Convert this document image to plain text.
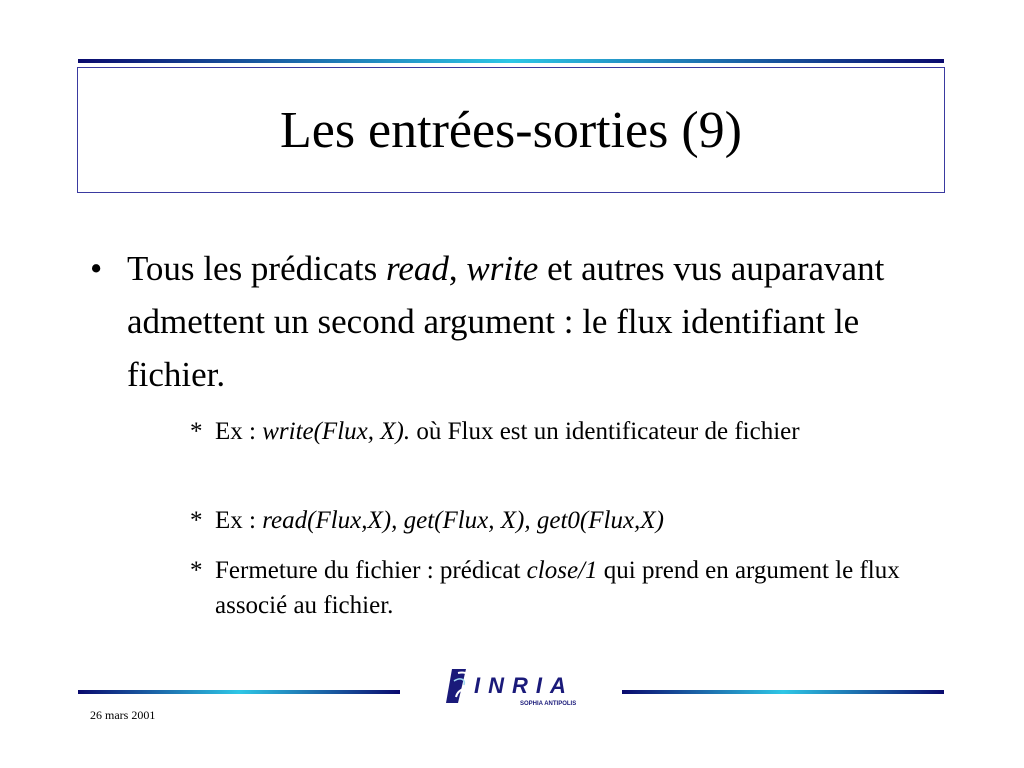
Les entrées-sorties (9)
• Tous les prédicats read, write et autres vus auparavant admettent un second argument : le flux identifiant le fichier.
* Ex : write(Flux, X). où Flux est un identificateur de fichier
* Ex : read(Flux,X), get(Flux, X), get0(Flux,X)
* Fermeture du fichier : prédicat close/1 qui prend en argument le flux associé au fichier.
INRIA
SOPHIA ANTIPOLIS
26 mars 2001
